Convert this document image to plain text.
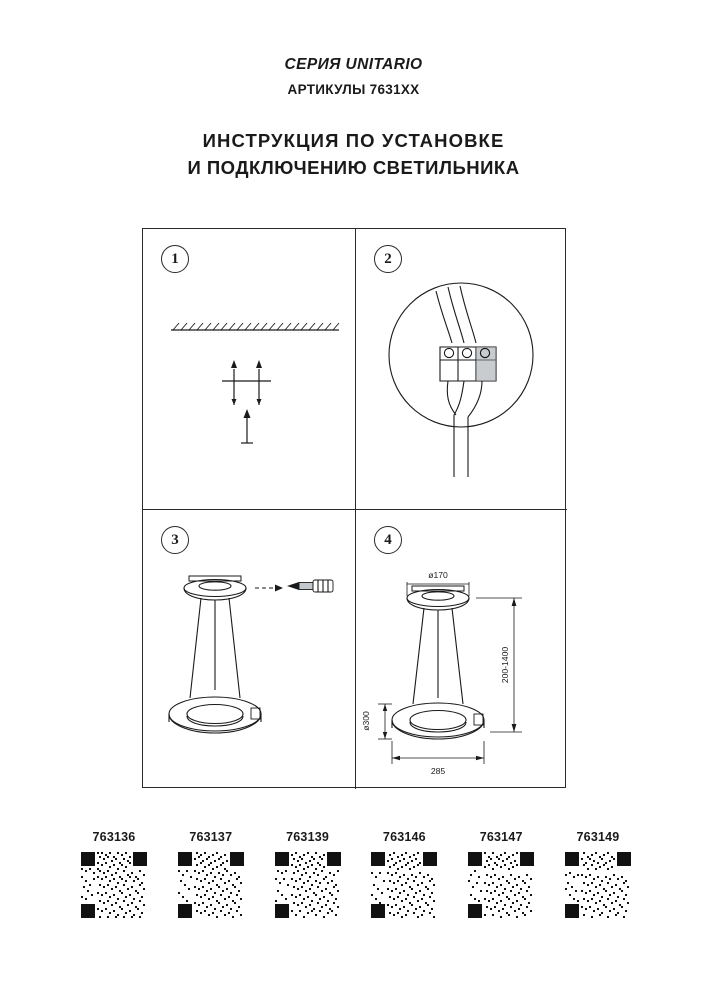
СЕРИЯ UNITARIO

АРТИКУЛЫ 7631XX

ИНСТРУКЦИЯ ПО УСТАНОВКЕ
И ПОДКЛЮЧЕНИЮ СВЕТИЛЬНИКА
1	2
3	4
ø170
ø300
200-1400
285
763136	763137	763139	763146	763147	763149
